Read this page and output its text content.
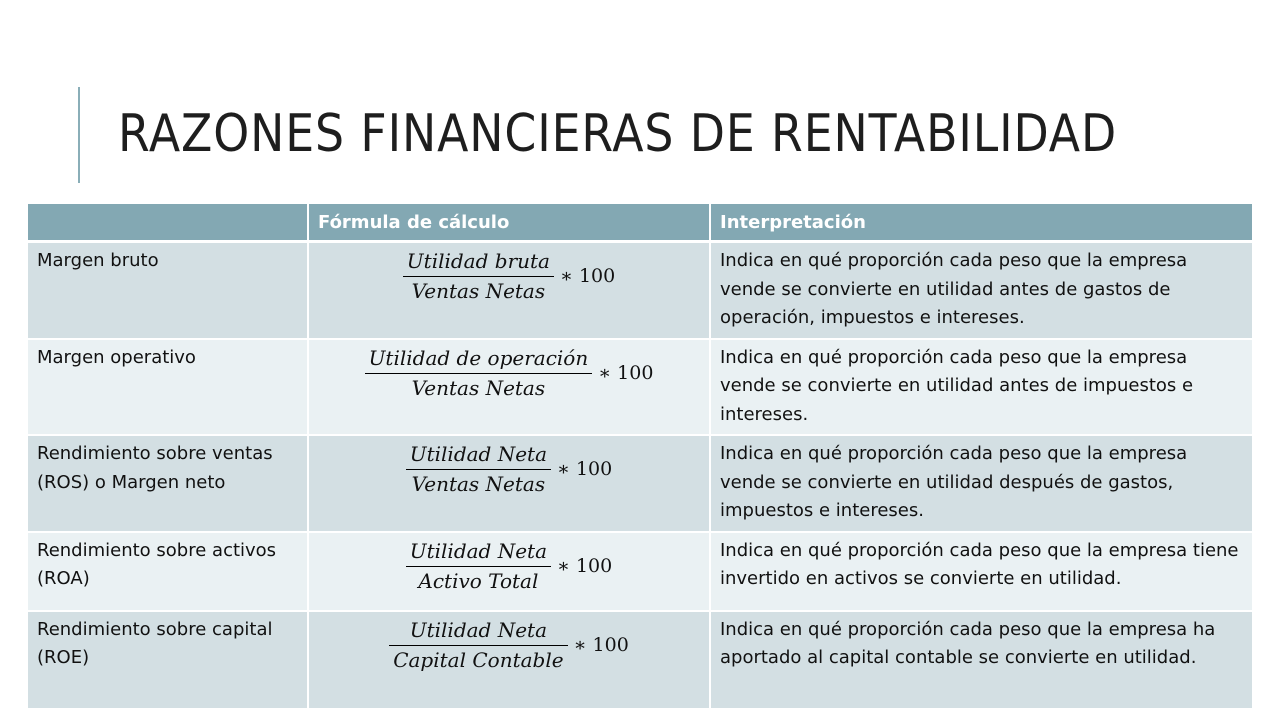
RAZONES FINANCIERAS DE RENTABILIDAD
	Fórmula de cálculo	Interpretación
Margen bruto	$\frac{\text{Utilidad bruta}}{\text{Ventas Netas}}$ ∗ 100	Indica en qué proporción cada peso que la empresa vende se convierte en utilidad antes de gastos de operación, impuestos e intereses.
Margen operativo	$\frac{\text{Utilidad de operación}}{\text{Ventas Netas}}$ ∗ 100	Indica en qué proporción cada peso que la empresa vende se convierte en utilidad antes de impuestos e intereses.
Rendimiento sobre ventas (ROS) o Margen neto	$\frac{\text{Utilidad Neta}}{\text{Ventas Netas}}$ ∗ 100	Indica en qué proporción cada peso que la empresa vende se convierte en utilidad después de gastos, impuestos e intereses.
Rendimiento sobre activos (ROA)	$\frac{\text{Utilidad Neta}}{\text{Activo Total}}$ ∗ 100	Indica en qué proporción cada peso que la empresa tiene invertido en activos se convierte en utilidad.
Rendimiento sobre capital (ROE)	$\frac{\text{Utilidad Neta}}{\text{Capital Contable}}$ ∗ 100	Indica en qué proporción cada peso que la empresa ha aportado al capital contable se convierte en utilidad.
